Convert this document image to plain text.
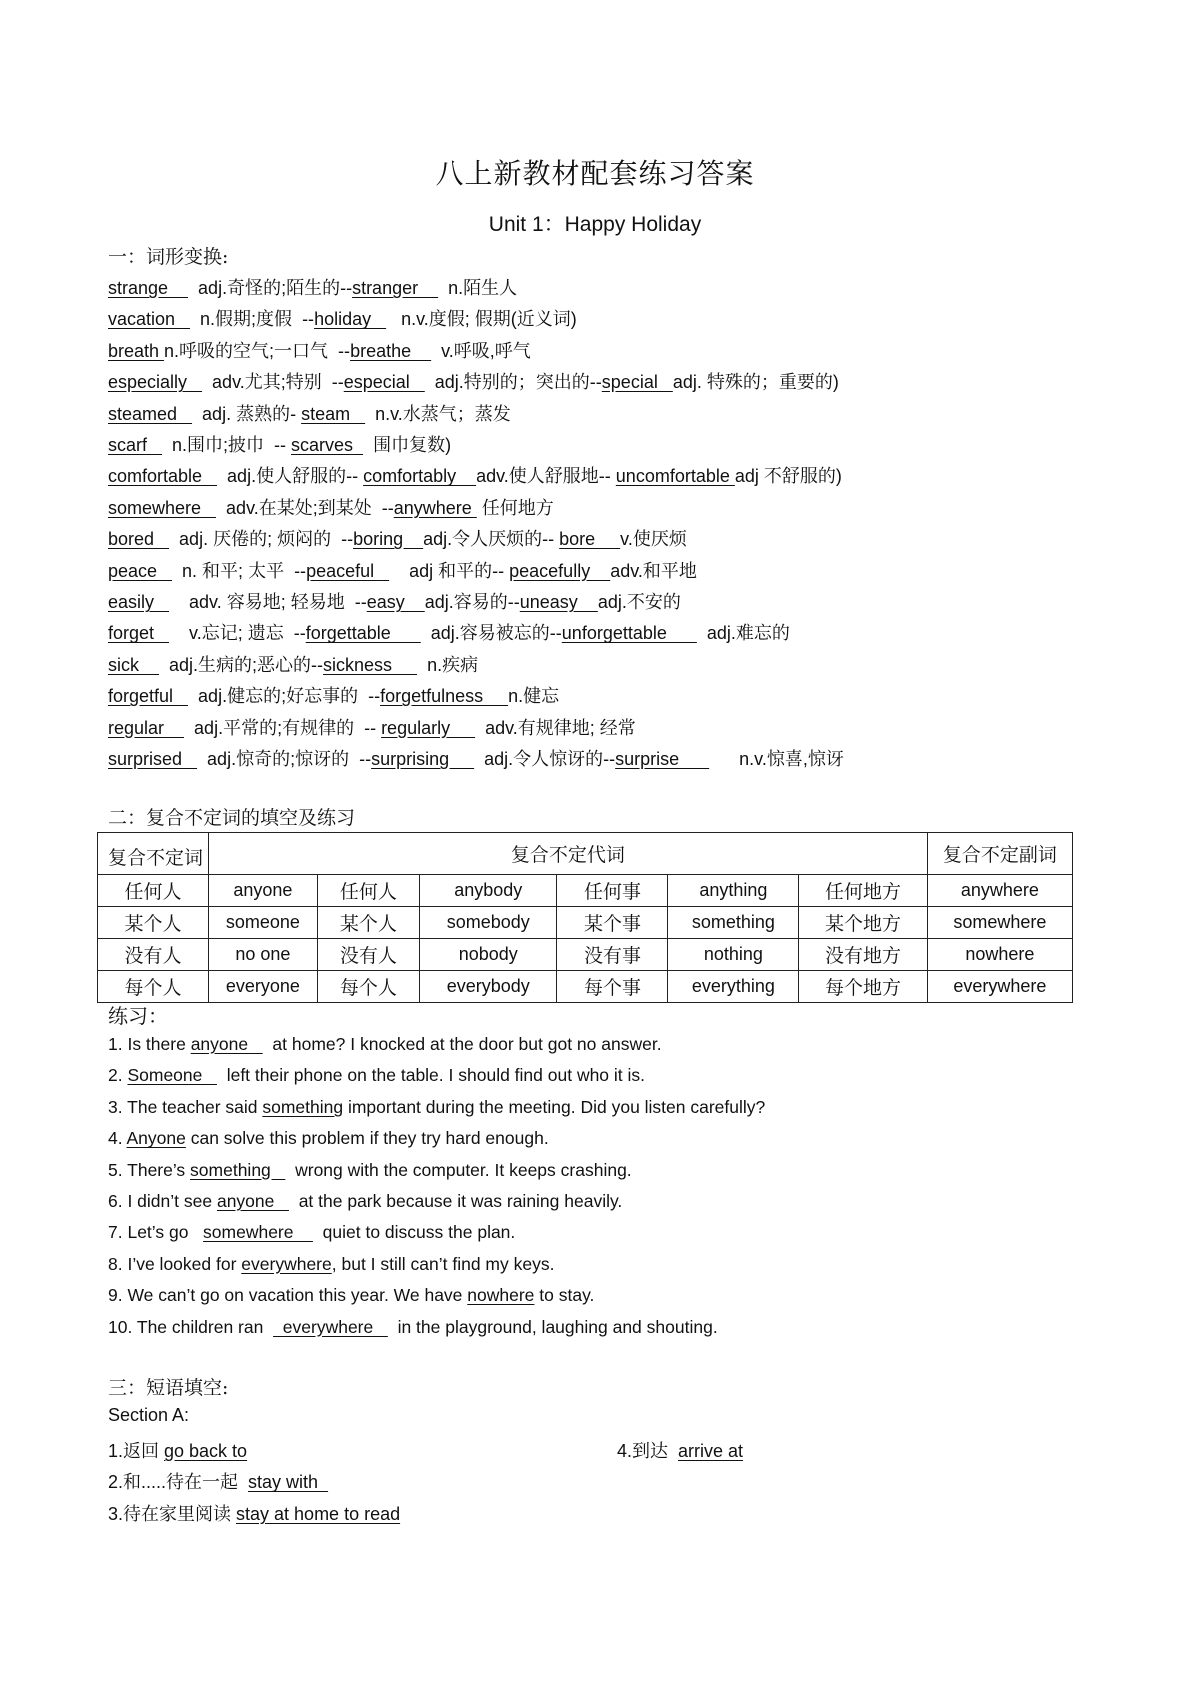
八上新教材配套练习答案
Unit 1：Happy Holiday
一：词形变换:
strange      adj.奇怪的;陌生的--stranger      n.陌生人
vacation     n.假期;度假  --holiday      n.v.度假; 假期(近义词)
breath n.呼吸的空气;一口气  --breathe      v.呼吸,呼气
especially     adv.尤其;特别  --especial     adj.特别的；突出的--special   adj. 特殊的；重要的)
steamed     adj. 蒸熟的- steam     n.v.水蒸气；蒸发
scarf     n.围巾;披巾  -- scarves    围巾复数)
comfortable     adj.使人舒服的-- comfortably    adv.使人舒服地-- uncomfortable adj 不舒服的)
somewhere     adv.在某处;到某处  --anywhere  任何地方
bored     adj. 厌倦的; 烦闷的  --boring    adj.令人厌烦的-- bore     v.使厌烦
peace     n. 和平; 太平  --peaceful       adj 和平的-- peacefully    adv.和平地
easily       adv. 容易地; 轻易地  --easy    adj.容易的--uneasy    adj.不安的
forget       v.忘记; 遗忘  --forgettable        adj.容易被忘的--unforgettable        adj.难忘的
sick      adj.生病的;恶心的--sickness       n.疾病
forgetful     adj.健忘的;好忘事的  --forgetfulness     n.健忘
regular      adj.平常的;有规律的  -- regularly       adv.有规律地; 经常
surprised     adj.惊奇的;惊讶的  --surprising       adj.令人惊讶的--surprise            n.v.惊喜,惊讶
二：复合不定词的填空及练习
复合不定词	复合不定代词						复合不定副词
任何人	anyone	任何人	anybody	任何事	anything	任何地方	anywhere
某个人	someone	某个人	somebody	某个事	something	某个地方	somewhere
没有人	no one	没有人	nobody	没有事	nothing	没有地方	nowhere
每个人	everyone	每个人	everybody	每个事	everything	每个地方	everywhere
练习：
1. Is there anyone     at home? I knocked at the door but got no answer.
2. Someone     left their phone on the table. I should find out who it is.
3. The teacher said something important during the meeting. Did you listen carefully?
4. Anyone can solve this problem if they try hard enough.
5. There’s something     wrong with the computer. It keeps crashing.
6. I didn’t see anyone     at the park because it was raining heavily.
7. Let’s go   somewhere      quiet to discuss the plan.
8. I’ve looked for everywhere, but I still can’t find my keys.
9. We can’t go on vacation this year. We have nowhere to stay.
10. The children ran    everywhere     in the playground, laughing and shouting.
三：短语填空:
Section A:
1.返回 go back to
2.和.....待在一起  stay with
3.待在家里阅读 stay at home to read
4.到达  arrive at
